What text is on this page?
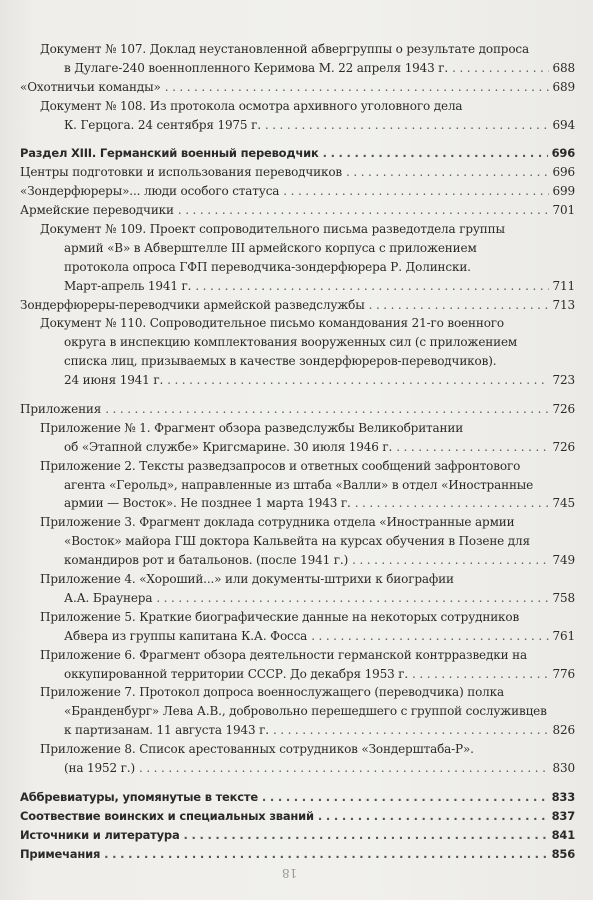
Документ № 107. Доклад неустановленной абвергруппы о результате допроса
в Дулаге-240 военнопленного Керимова М. 22 апреля 1943 г. . . .	688
«Охотничьи команды» . . .	689
Документ № 108. Из протокола осмотра архивного уголовного дела
К. Герцога. 24 сентября 1975 г. . . .	694
Раздел XIII. Германский военный переводчик . . .	696
Центры подготовки и использования переводчиков . . .	696
«Зондерфюреры»... люди особого статуса . . .	699
Армейские переводчики . . .	701
Документ № 109. Проект сопроводительного письма разведотдела группы
армий «В» в Абверштелле III армейского корпуса с приложением
протокола опроса ГФП переводчика-зондерфюрера Р. Долински.
Март-апрель 1941 г. . . .	711
Зондерфюреры-переводчики армейской разведслужбы . . .	713
Документ № 110. Сопроводительное письмо командования 21-го военного
округа в инспекцию комплектования вооруженных сил (с приложением
списка лиц, призываемых в качестве зондерфюреров-переводчиков).
24 июня 1941 г. . . .	723
Приложения . . .	726
Приложение № 1. Фрагмент обзора разведслужбы Великобритании
об «Этапной службе» Кригсмарине. 30 июля 1946 г. . . .	726
Приложение 2. Тексты разведзапросов и ответных сообщений зафронтового
агента «Герольд», направленные из штаба «Валли» в отдел «Иностранные
армии — Восток». Не позднее 1 марта 1943 г. . . .	745
Приложение 3. Фрагмент доклада сотрудника отдела «Иностранные армии
«Восток» майора ГШ доктора Кальвейта на курсах обучения в Позене для
командиров рот и батальонов. (после 1941 г.) . . .	749
Приложение 4. «Хороший...» или документы-штрихи к биографии
А.А. Браунера . . .	758
Приложение 5. Краткие биографические данные на некоторых сотрудников
Абвера из группы капитана К.А. Фосса . . .	761
Приложение 6. Фрагмент обзора деятельности германской контрразведки на
оккупированной территории СССР. До декабря 1953 г. . . .	776
Приложение 7. Протокол допроса военнослужащего (переводчика) полка
«Бранденбург» Лева А.В., добровольно перешедшего с группой сослуживцев
к партизанам. 11 августа 1943 г. . . .	826
Приложение 8. Список арестованных сотрудников «Зондерштаба-Р».
(на 1952 г.) . . .	830
Аббревиатуры, упомянутые в тексте . . .	833
Соотвествие воинских и специальных званий . . .	837
Источники и литература . . .	841
Примечания . . .	856
18
